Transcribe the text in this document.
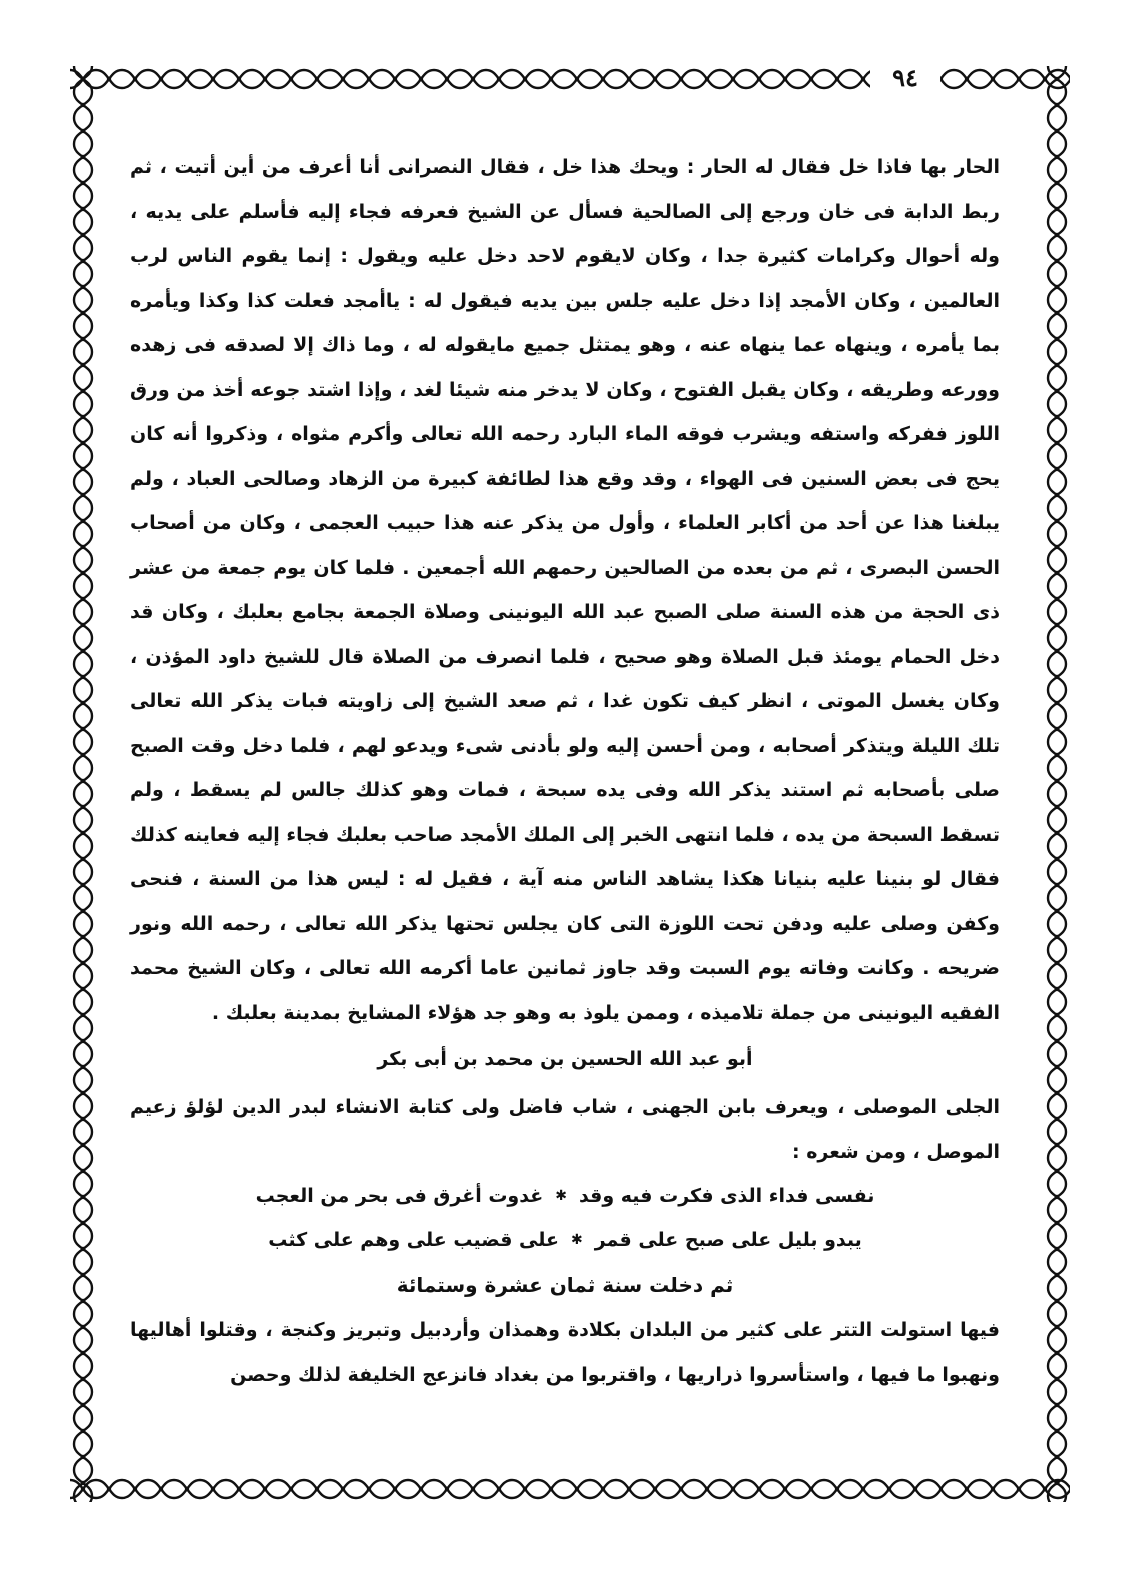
٩٤

الحار بها فاذا خل فقال له الحار : ويحك هذا خل ، فقال النصرانى أنا أعرف من أين أتيت ، ثم ربط الدابة فى خان ورجع إلى الصالحية فسأل عن الشيخ فعرفه فجاء إليه فأسلم على يديه ، وله أحوال وكرامات كثيرة جدا ، وكان لايقوم لاحد دخل عليه ويقول : إنما يقوم الناس لرب العالمين ، وكان الأمجد إذا دخل عليه جلس بين يديه فيقول له : ياأمجد فعلت كذا وكذا ويأمره بما يأمره ، وينهاه عما ينهاه عنه ، وهو يمتثل جميع مايقوله له ، وما ذاك إلا لصدقه فى زهده وورعه وطريقه ، وكان يقبل الفتوح ، وكان لا يدخر منه شيئا لغد ، وإذا اشتد جوعه أخذ من ورق اللوز ففركه واستفه ويشرب فوقه الماء البارد رحمه الله تعالى وأكرم مثواه ، وذكروا أنه كان يحج فى بعض السنين فى الهواء ، وقد وقع هذا لطائفة كبيرة من الزهاد وصالحى العباد ، ولم يبلغنا هذا عن أحد من أكابر العلماء ، وأول من يذكر عنه هذا حبيب العجمى ، وكان من أصحاب الحسن البصرى ، ثم من بعده من الصالحين رحمهم الله أجمعين . فلما كان يوم جمعة من عشر ذى الحجة من هذه السنة صلى الصبح عبد الله اليونينى وصلاة الجمعة بجامع بعلبك ، وكان قد دخل الحمام يومئذ قبل الصلاة وهو صحيح ، فلما انصرف من الصلاة قال للشيخ داود المؤذن ، وكان يغسل الموتى ، انظر كيف تكون غدا ، ثم صعد الشيخ إلى زاويته فبات يذكر الله تعالى تلك الليلة ويتذكر أصحابه ، ومن أحسن إليه ولو بأدنى شىء ويدعو لهم ، فلما دخل وقت الصبح صلى بأصحابه ثم استند يذكر الله وفى يده سبحة ، فمات وهو كذلك جالس لم يسقط ، ولم تسقط السبحة من يده ، فلما انتهى الخبر إلى الملك الأمجد صاحب بعلبك فجاء إليه فعاينه كذلك فقال لو بنينا عليه بنيانا هكذا يشاهد الناس منه آية ، فقيل له : ليس هذا من السنة ، فنحى وكفن وصلى عليه ودفن تحت اللوزة التى كان يجلس تحتها يذكر الله تعالى ، رحمه الله ونور ضريحه . وكانت وفاته يوم السبت وقد جاوز ثمانين عاما أكرمه الله تعالى ، وكان الشيخ محمد الفقيه اليونينى من جملة تلاميذه ، وممن يلوذ به وهو جد هؤلاء المشايخ بمدينة بعلبك .

أبو عبد الله الحسين بن محمد بن أبى بكر

الجلى الموصلى ، ويعرف بابن الجهنى ، شاب فاضل ولى كتابة الانشاء لبدر الدين لؤلؤ زعيم الموصل ، ومن شعره :

نفسى فداء الذى فكرت فيه وقد
✱
غدوت أغرق فى بحر من العجب
يبدو بليل على صبح على قمر
✱
على قضيب على وهم على كثب

ثم دخلت سنة ثمان عشرة وستمائة

فيها استولت التتر على كثير من البلدان بكلادة وهمذان وأردبيل وتبريز وكنجة ، وقتلوا أهاليها ونهبوا ما فيها ، واستأسروا ذراريها ، واقتربوا من بغداد فانزعج الخليفة لذلك وحصن
